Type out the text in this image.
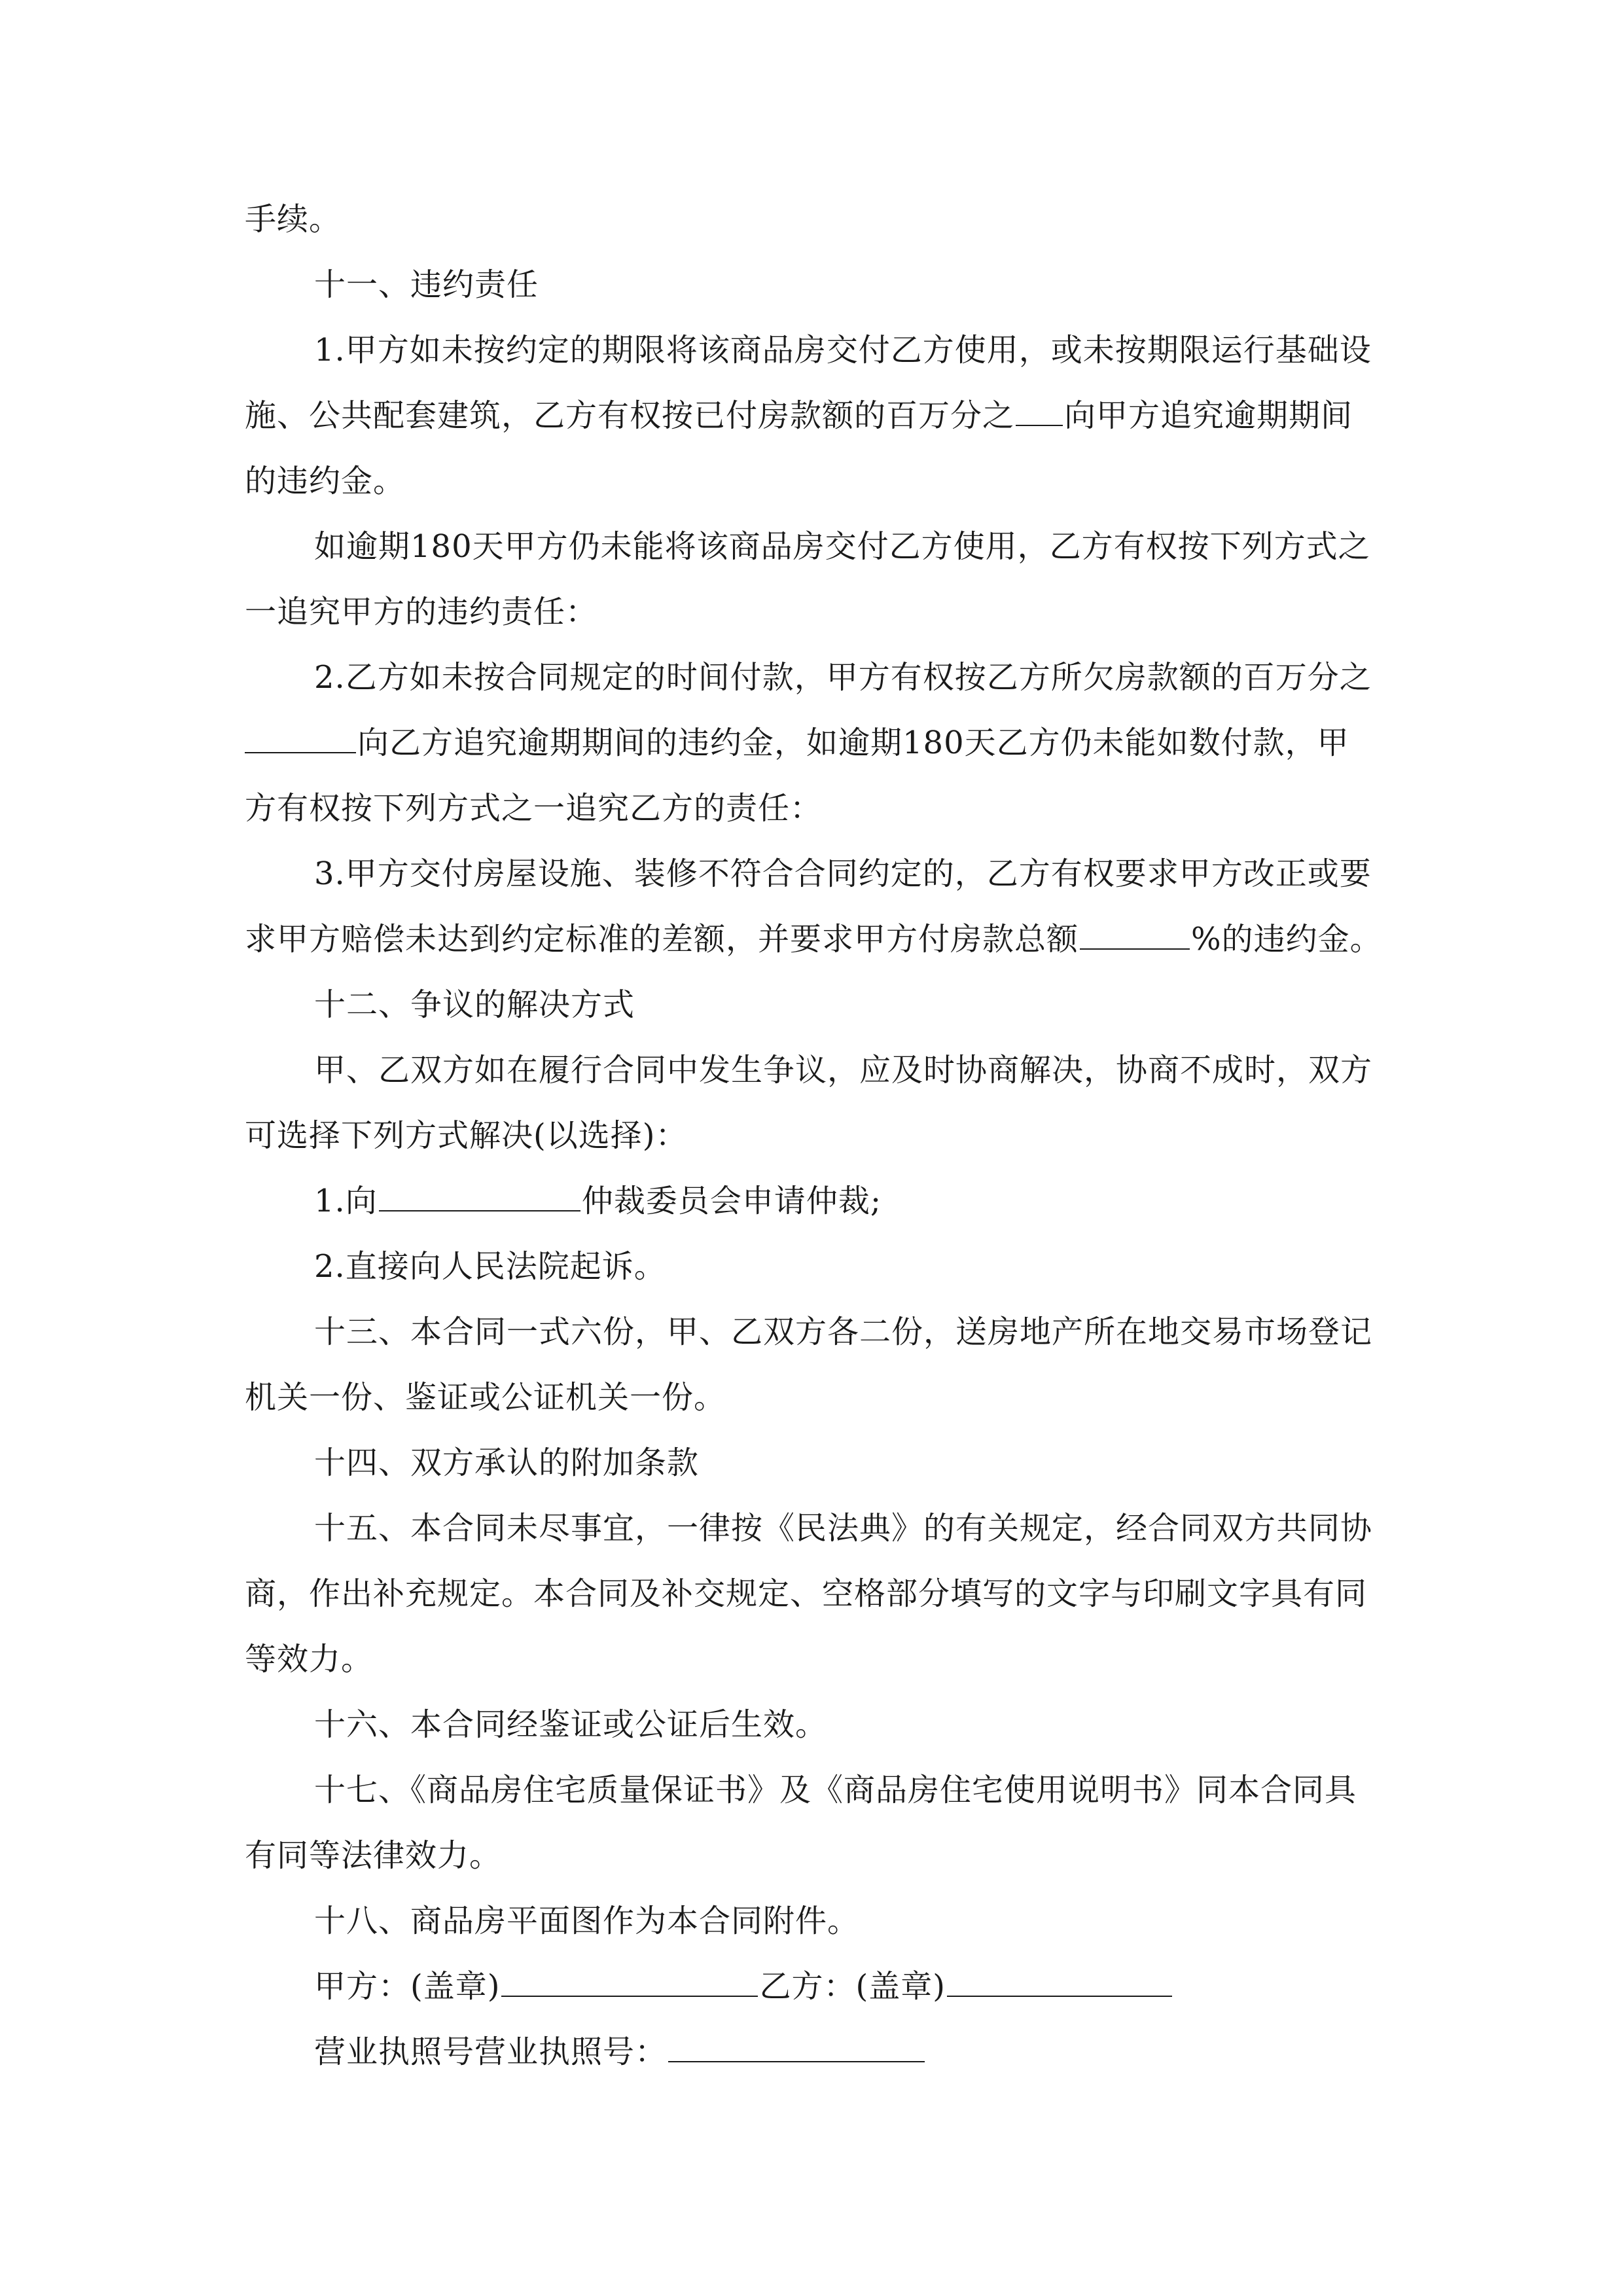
手续。
十一、违约责任
1.甲方如未按约定的期限将该商品房交付乙方使用，或未按期限运行基础设
施、公共配套建筑，乙方有权按已付房款额的百万分之 向甲方追究逾期期间
的违约金。
如逾期180天甲方仍未能将该商品房交付乙方使用，乙方有权按下列方式之
一追究甲方的违约责任：
2.乙方如未按合同规定的时间付款，甲方有权按乙方所欠房款额的百万分之
向乙方追究逾期期间的违约金，如逾期180天乙方仍未能如数付款，甲
方有权按下列方式之一追究乙方的责任：
3.甲方交付房屋设施、装修不符合合同约定的，乙方有权要求甲方改正或要
求甲方赔偿未达到约定标准的差额，并要求甲方付房款总额	%的违约金。
十二、争议的解决方式
甲、乙双方如在履行合同中发生争议，应及时协商解决，协商不成时，双方
可选择下列方式解决(以选择)：
1.向	仲裁委员会申请仲裁;
2.直接向人民法院起诉。
十三、本合同一式六份，甲、乙双方各二份，送房地产所在地交易市场登记
机关一份、鉴证或公证机关一份。
十四、双方承认的附加条款
十五、本合同未尽事宜，一律按《民法典》的有关规定，经合同双方共同协
商，作出补充规定。本合同及补交规定、空格部分填写的文字与印刷文字具有同
等效力。
十六、本合同经鉴证或公证后生效。
十七、《商品房住宅质量保证书》及《商品房住宅使用说明书》同本合同具
有同等法律效力。
十八、商品房平面图作为本合同附件。
甲方：(盖章)	乙方：(盖章)
营业执照号营业执照号：
